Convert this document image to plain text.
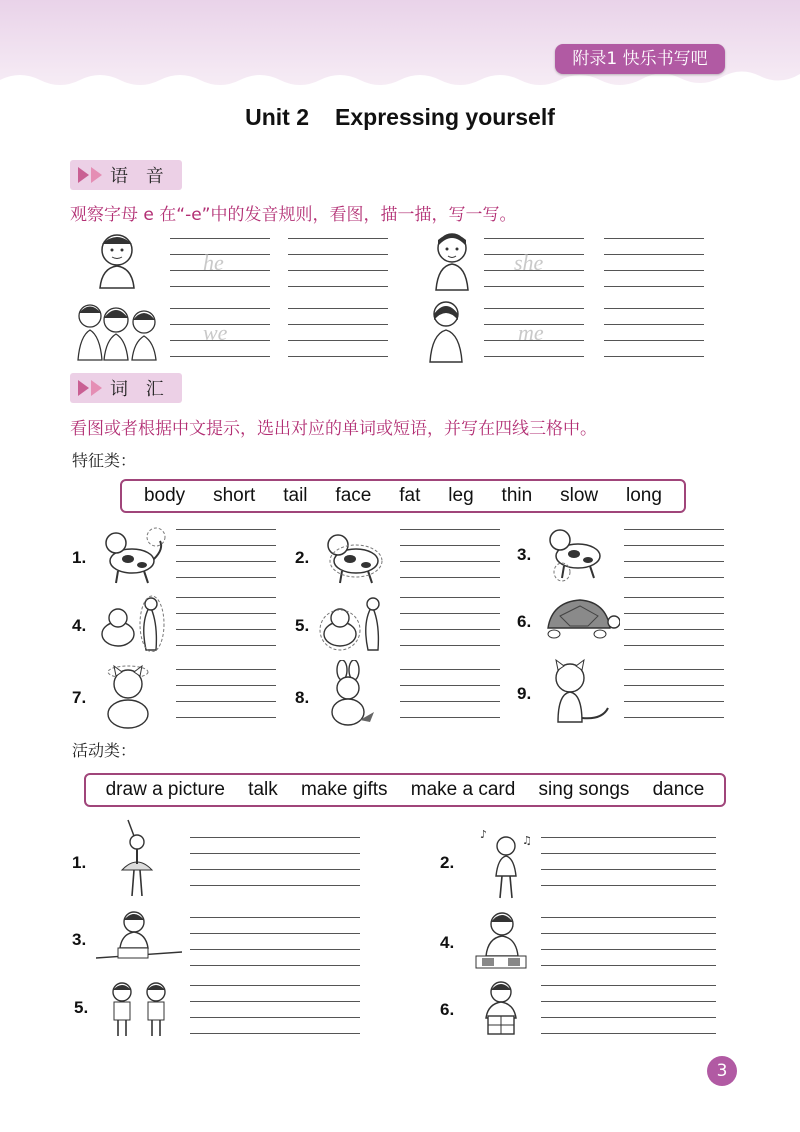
附录1 快乐书写吧
Unit 2 Expressing yourself
语 音
观察字母 e 在“-e”中的发音规则，看图，描一描，写一写。
he	she
we	me
词 汇
看图或者根据中文提示，选出对应的单词或短语，并写在四线三格中。
特征类：
body short tail face fat leg thin slow long
1.	2.	3.
4.	5.	6.
7.	8.	9.
活动类：
draw a picture talk make gifts make a card sing songs dance
1.	2.
♪	♫
3.	4.
5.	6.
3
